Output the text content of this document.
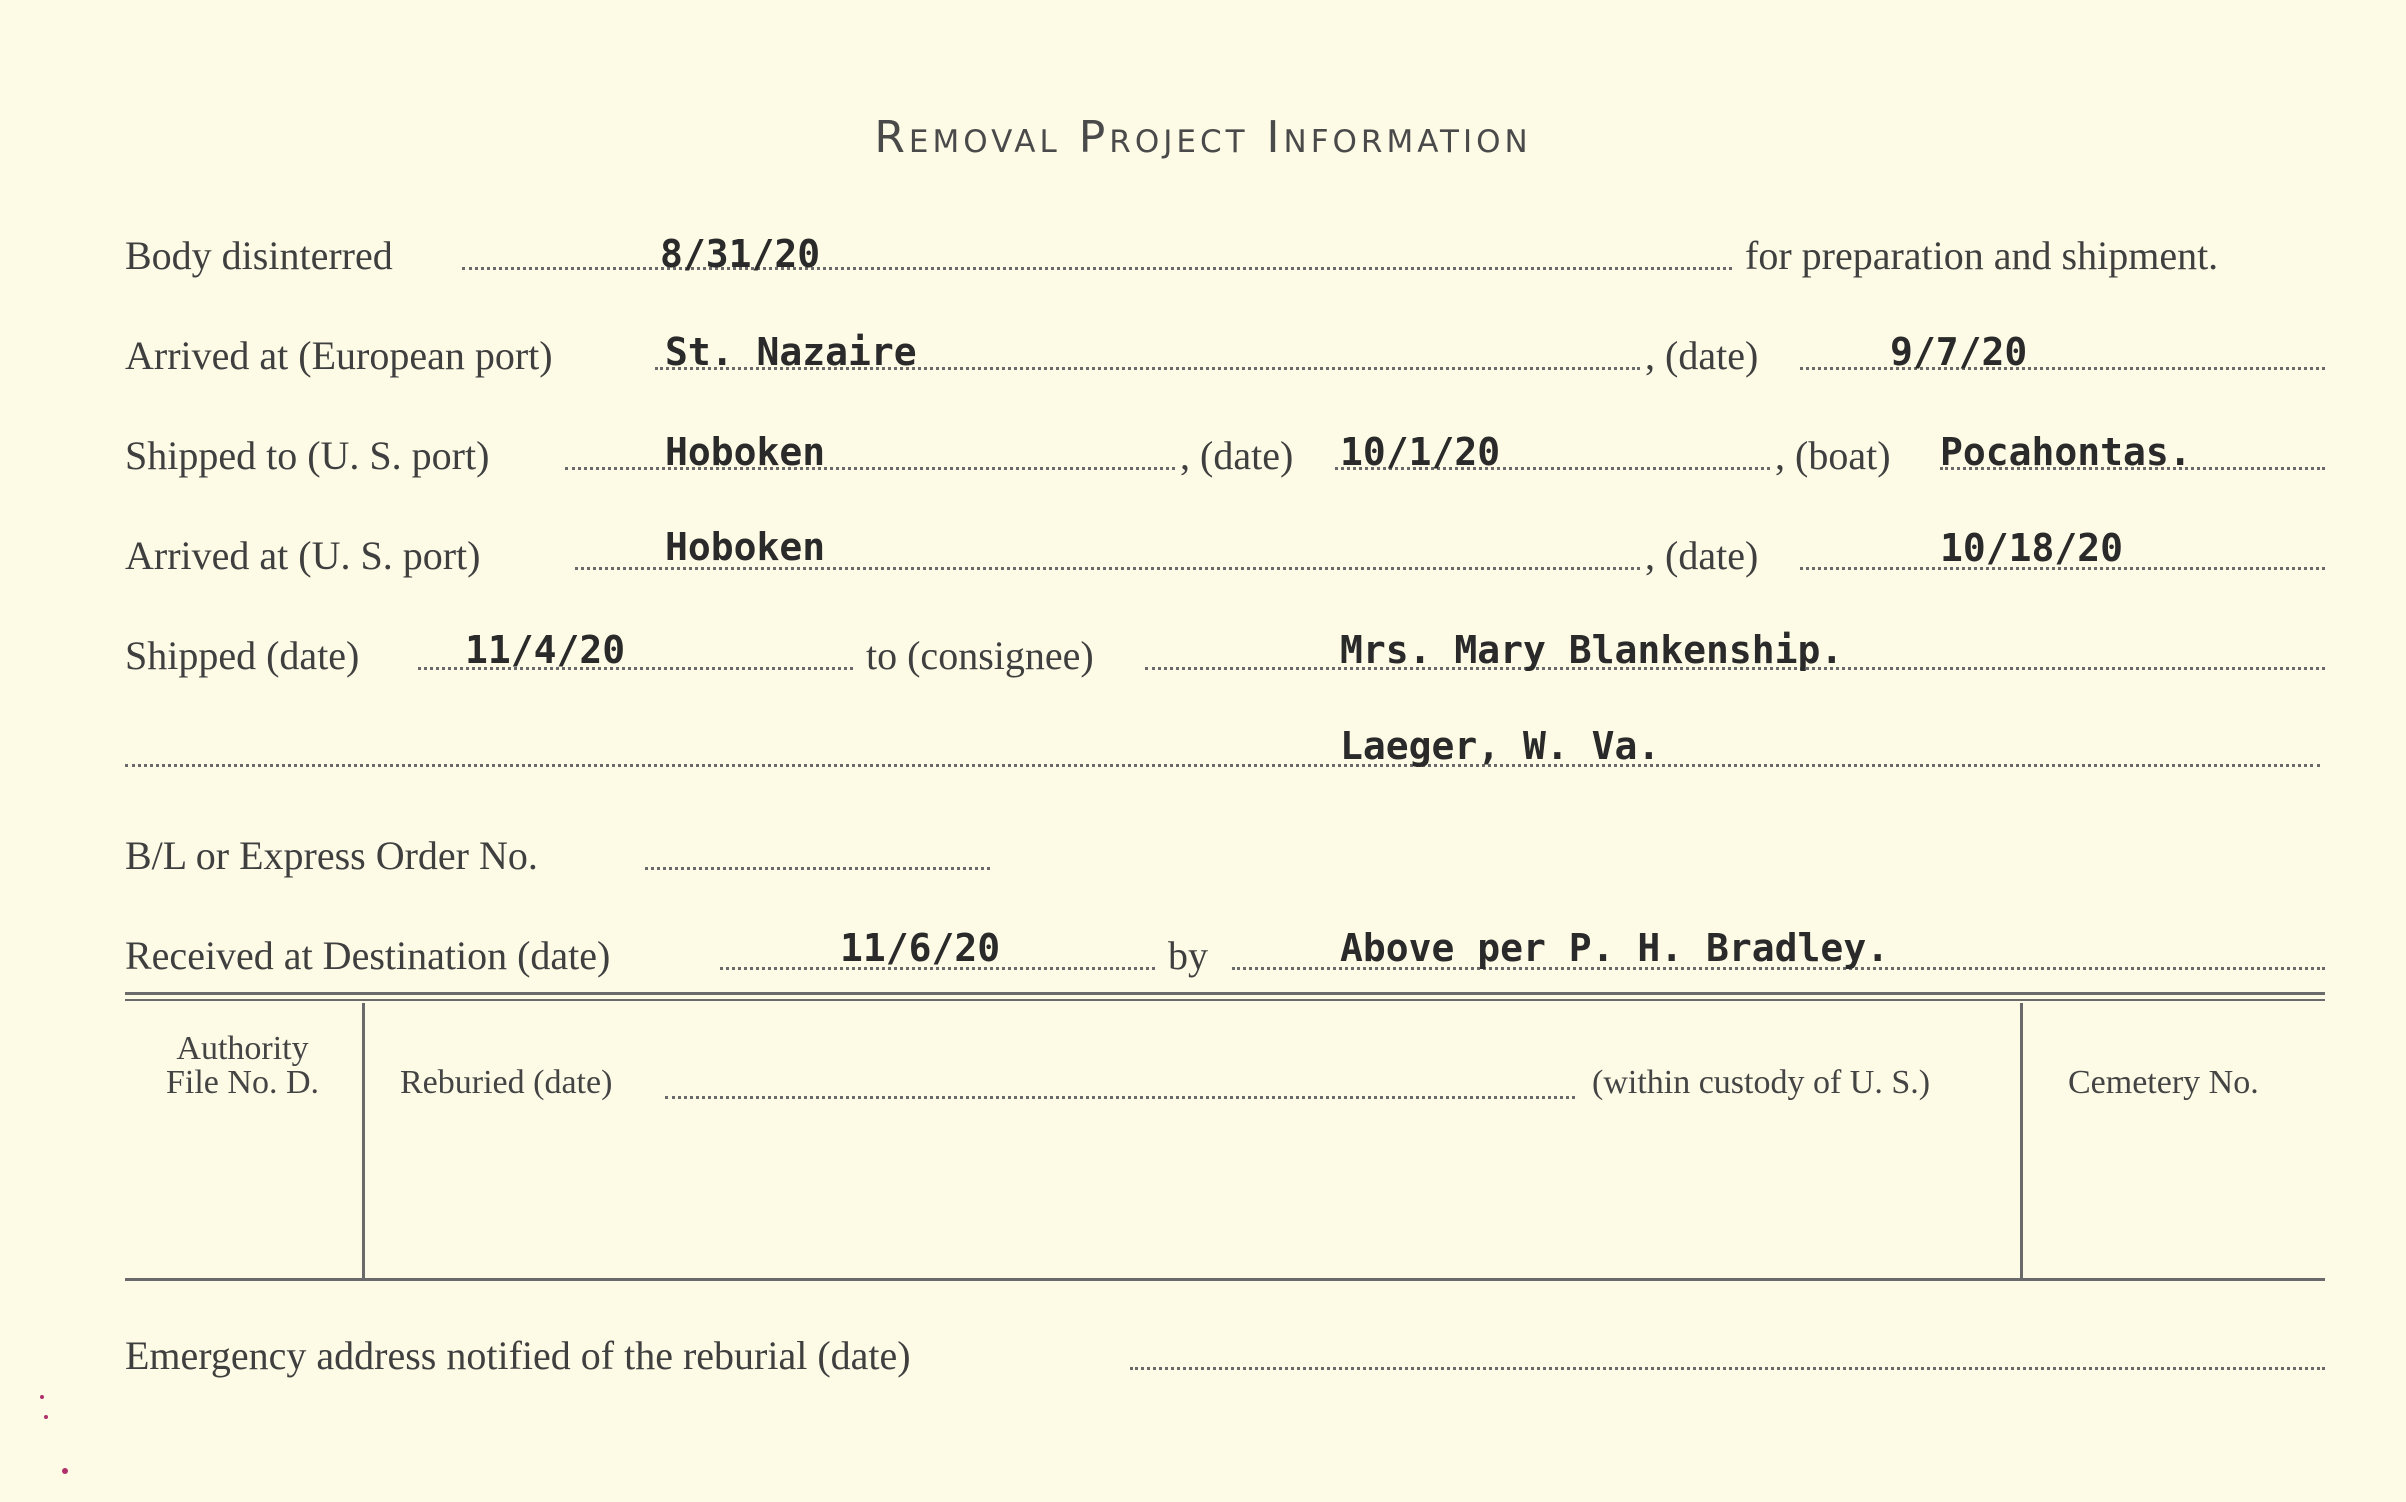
Removal Project Information
Body disinterred	8/31/20	for preparation and shipment.
Arrived at (European port)	St. Nazaire	, (date)	9/7/20
Shipped to (U. S. port)	Hoboken	, (date) 10/1/20	, (boat) Pocahontas.
Arrived at (U. S. port)	Hoboken	, (date)	10/18/20
Shipped (date)	11/4/20	to (consignee)	Mrs. Mary Blankenship.
Laeger, W. Va.
B/L or Express Order No.
Received at Destination (date)	11/6/20	by	Above per P. H. Bradley.
Authority
File No. D.	Reburied (date)	(within custody of U. S.)	Cemetery No.
Emergency address notified of the reburial (date)
